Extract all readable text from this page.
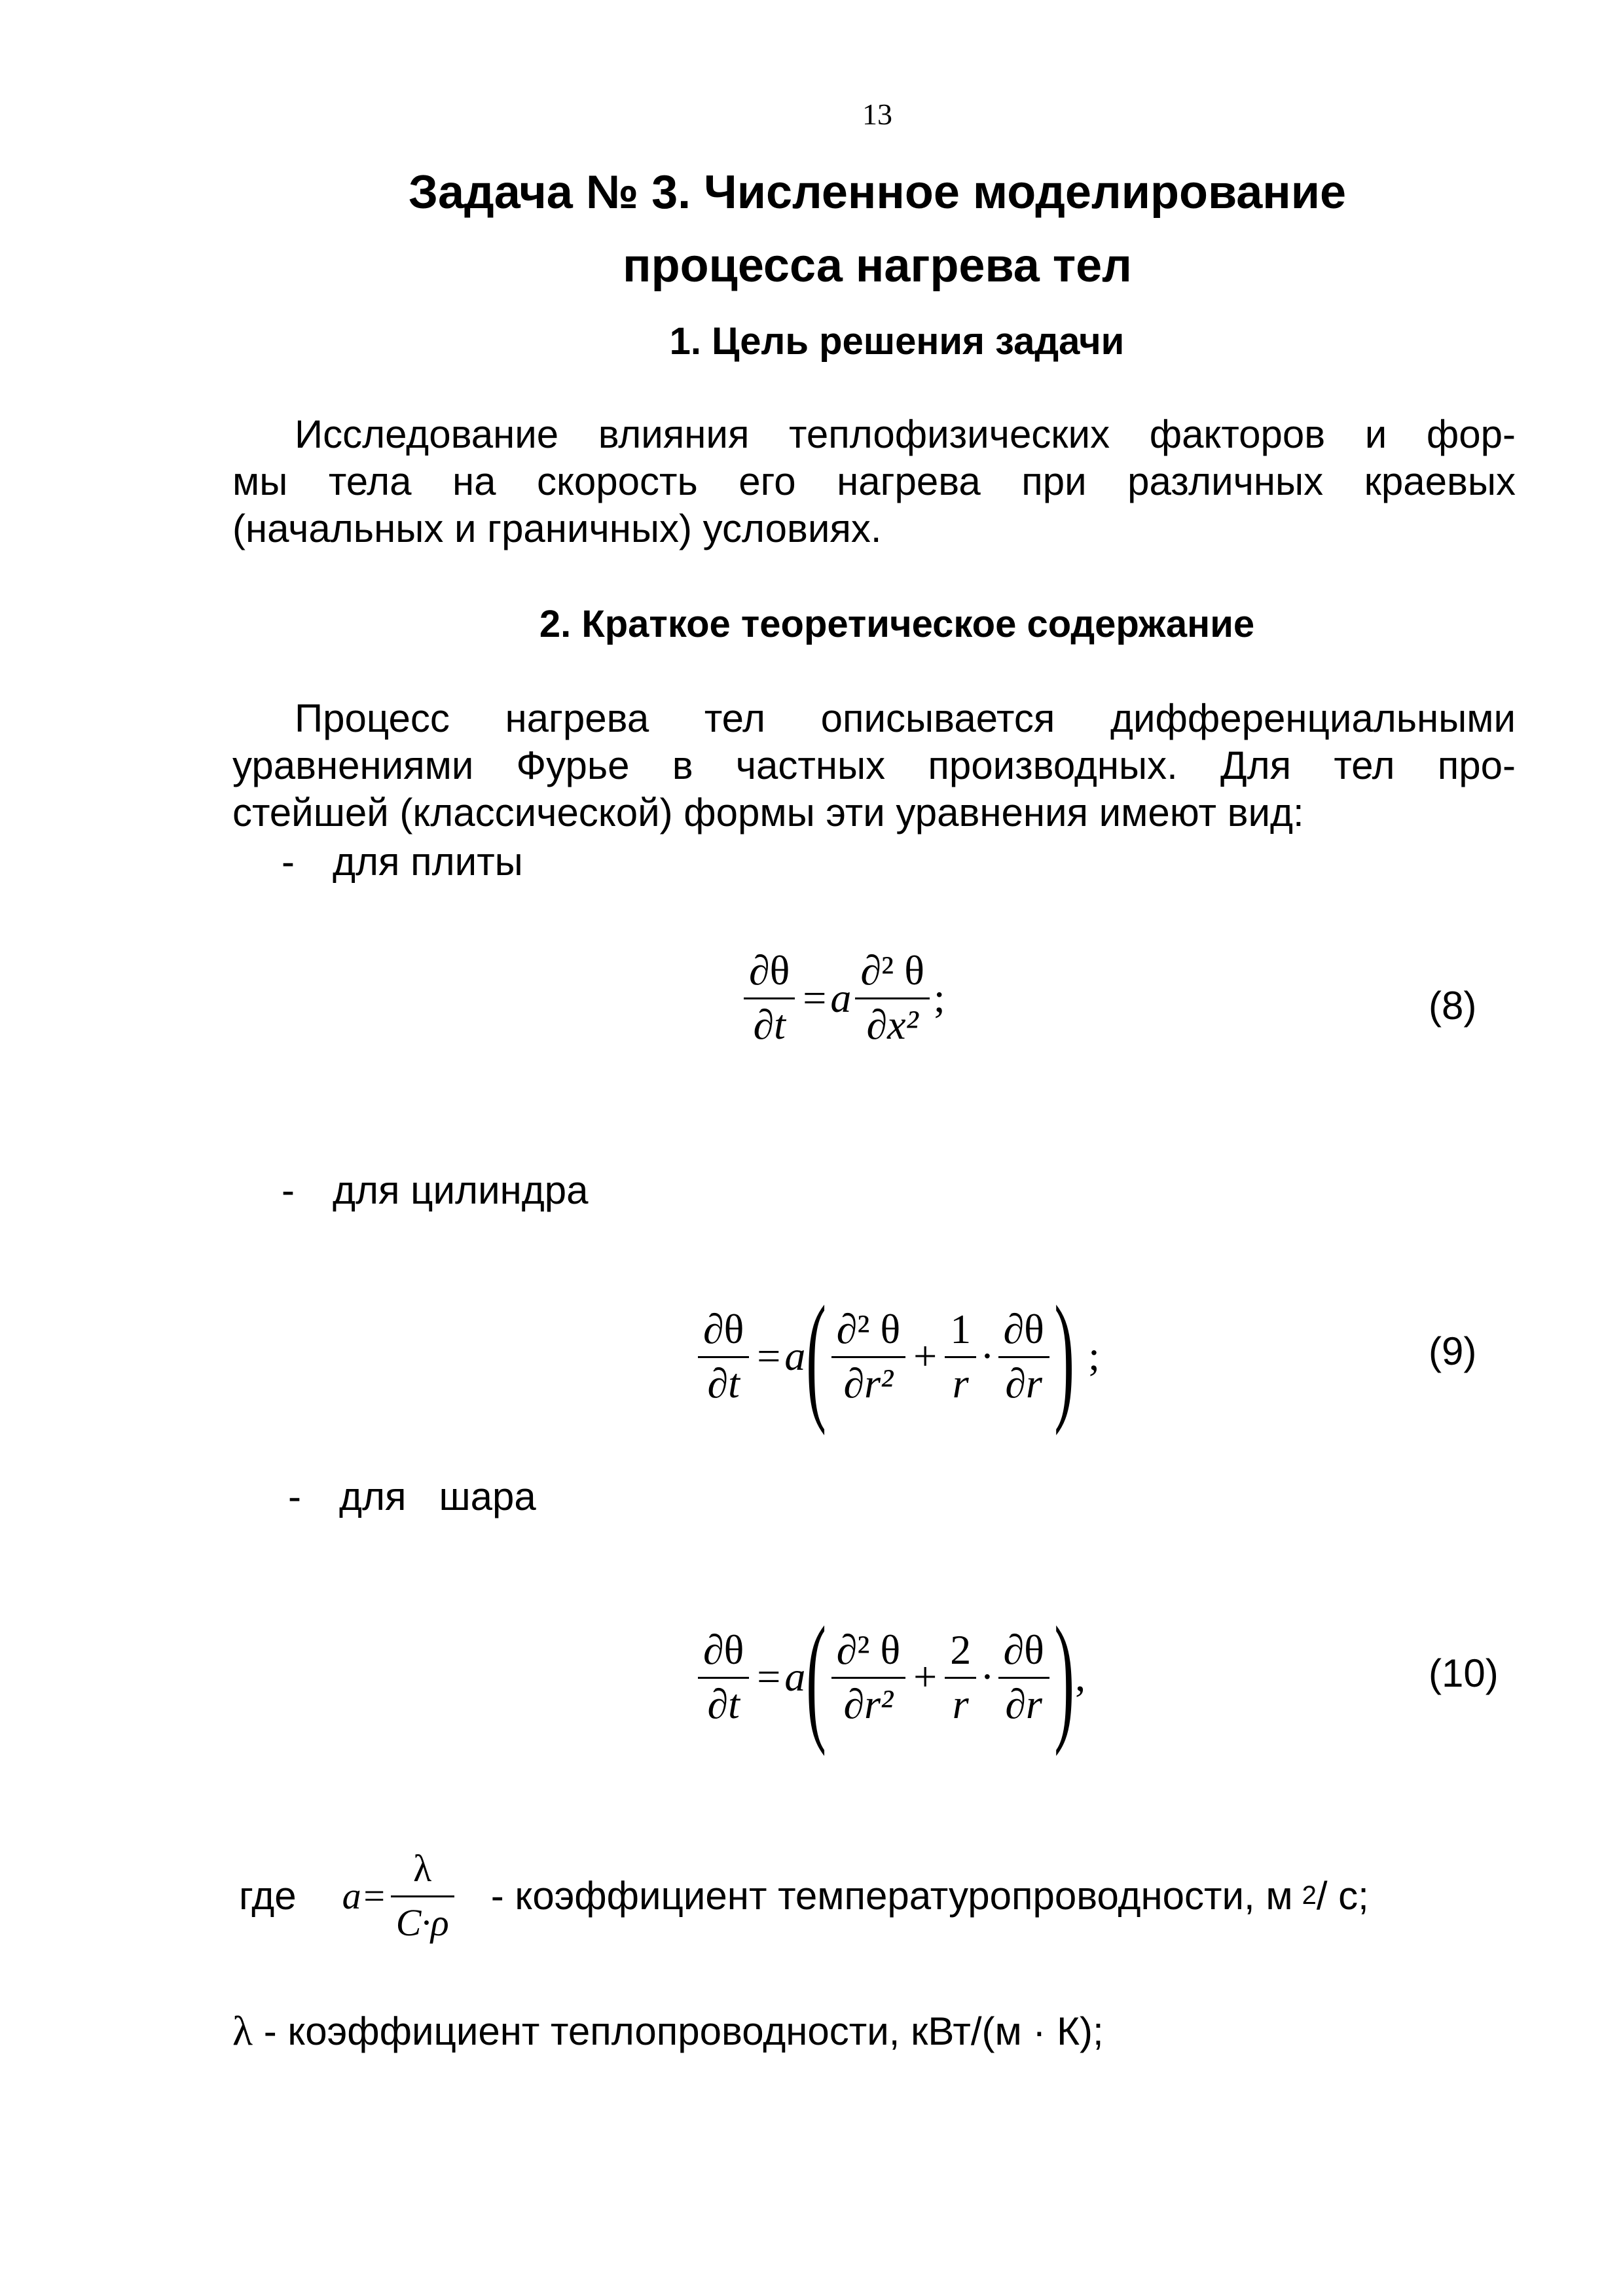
13
Задача № 3. Численное моделирование
процесса нагрева тел
1. Цель решения задачи
Исследование влияния теплофизических факторов и фор-
мы тела на скорость его нагрева при различных краевых
(начальных и граничных) условиях.
2. Краткое теоретическое содержание
Процесс нагрева тел описывается дифференциальными
уравнениями Фурье в частных производных. Для тел про-
стейшей (классической) формы эти уравнения имеют вид:
- для плиты
$\frac{\partial\theta}{\partial t} = a \frac{\text{∂² θ}}{\text{∂x²}}$ ;	(8)
- для цилиндра
$\frac{\partial\theta}{\partial t} = a$ ( $\frac{\text{∂² θ}}{\text{∂r²}} + \frac{1}{r} \cdot \frac{\partial\theta}{\partial r}$ ) ;	(9)
- для   шара
$\frac{\partial\theta}{\partial t} = a$ ( $\frac{\text{∂² θ}}{\text{∂r²}} + \frac{2}{r} \cdot \frac{\partial\theta}{\partial r}$ ) ,	(10)
где $a= \frac{\lambda}{C\cdot\rho}$ - коэффициент температуропроводности, м 2 / с;
λ - коэффициент теплопроводности, кВт/(м · К);
